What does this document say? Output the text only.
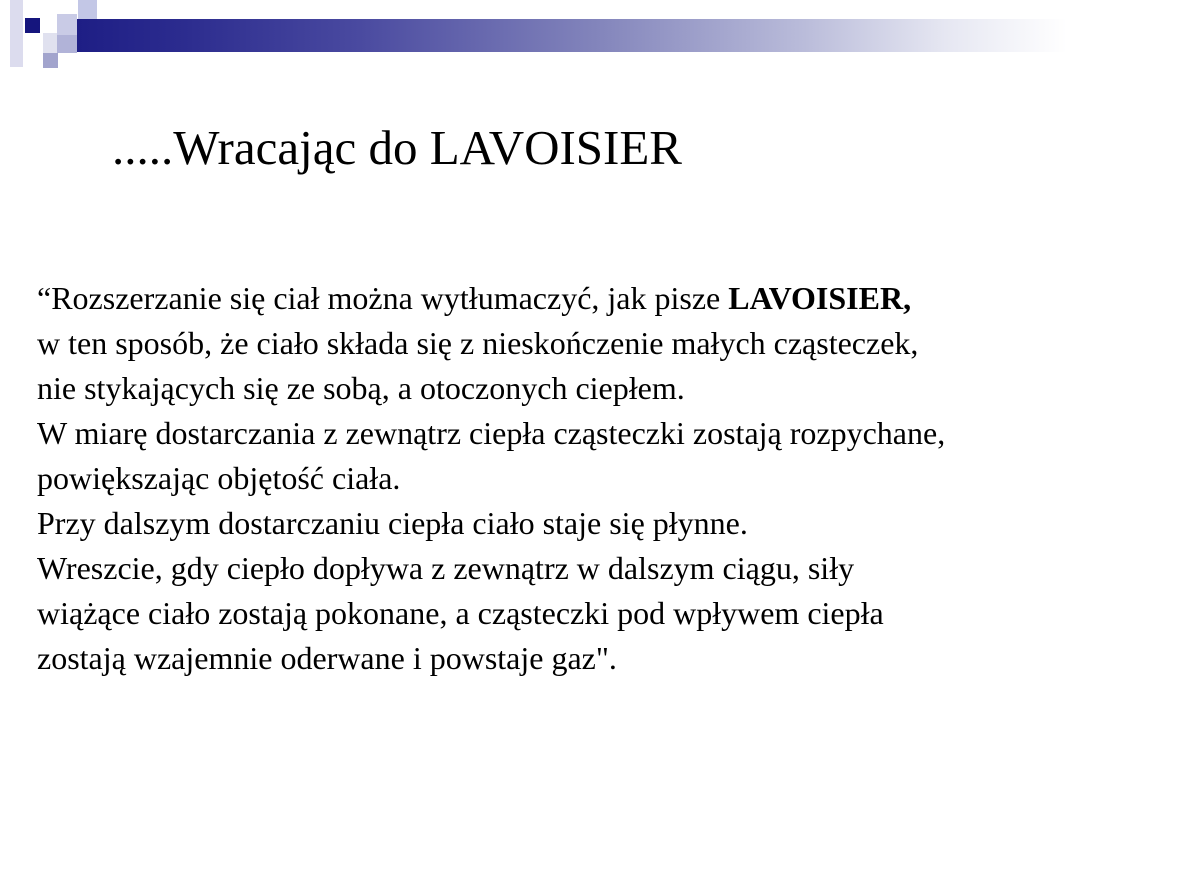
.....Wracając do LAVOISIER
“Rozszerzanie się ciał można wytłumaczyć, jak pisze LAVOISIER,
w ten sposób, że ciało składa się z nieskończenie małych cząsteczek,
nie stykających się ze sobą, a otoczonych ciepłem.
W miarę dostarczania z zewnątrz ciepła cząsteczki zostają rozpychane,
powiększając objętość ciała.
Przy dalszym dostarczaniu ciepła ciało staje się płynne.
Wreszcie, gdy ciepło dopływa z zewnątrz w dalszym ciągu, siły
wiążące ciało zostają pokonane, a cząsteczki pod wpływem ciepła
zostają wzajemnie oderwane i powstaje gaz".
